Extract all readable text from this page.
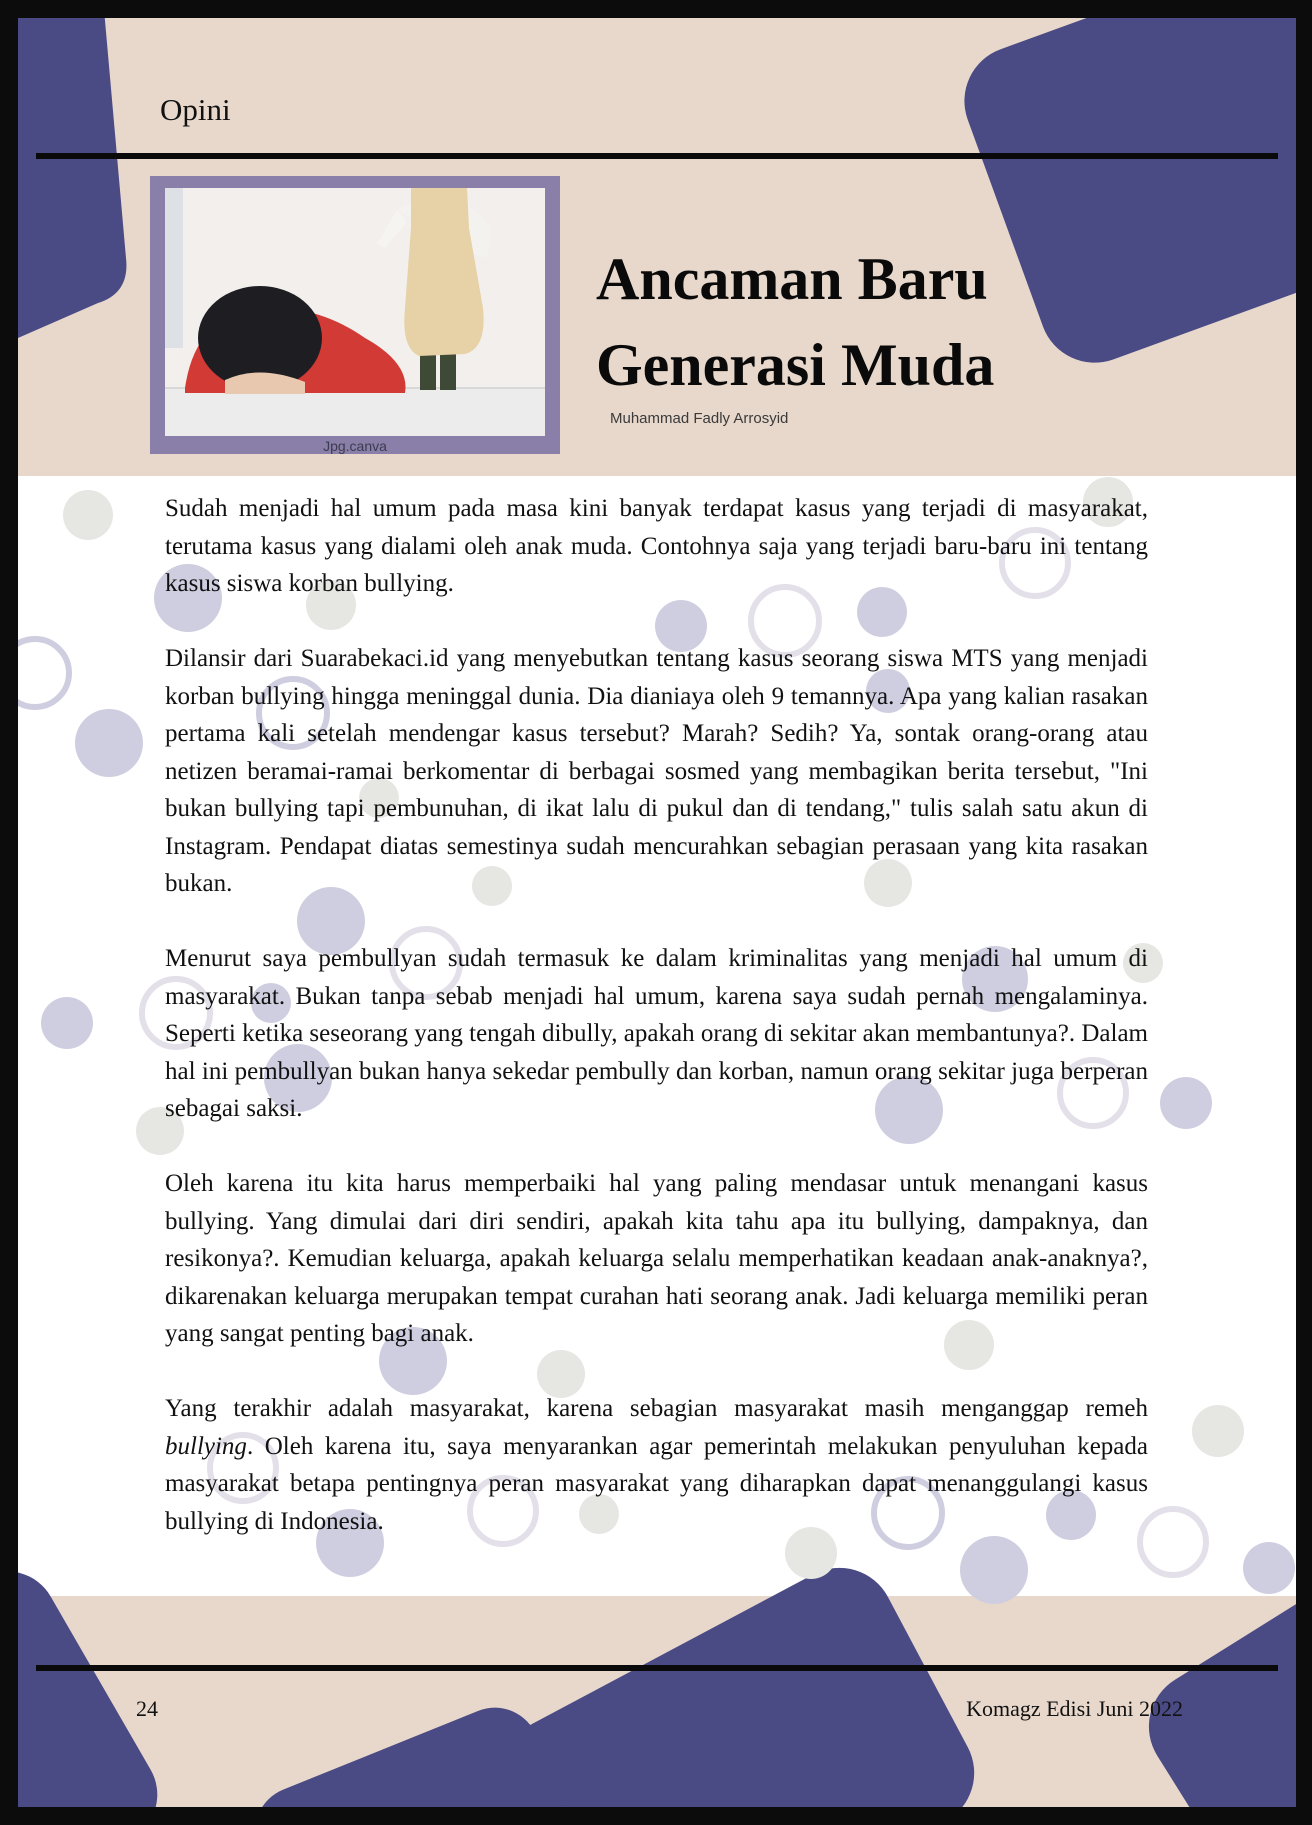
Opini
Jpg.canva
Ancaman Baru
Generasi Muda
Muhammad Fadly Arrosyid

Sudah menjadi hal umum pada masa kini banyak terdapat kasus yang terjadi di masyarakat, terutama kasus yang dialami oleh anak muda. Contohnya saja yang terjadi baru-baru ini tentang kasus siswa korban bullying.

Dilansir dari Suarabekaci.id yang menyebutkan tentang kasus seorang siswa MTS yang menjadi korban bullying hingga meninggal dunia. Dia dianiaya oleh 9 temannya. Apa yang kalian rasakan pertama kali setelah mendengar kasus tersebut? Marah? Sedih? Ya, sontak orang-orang atau netizen beramai-ramai berkomentar di berbagai sosmed yang membagikan berita tersebut, "Ini bukan bullying tapi pembunuhan, di ikat lalu di pukul dan di tendang," tulis salah satu akun di Instagram. Pendapat diatas semestinya sudah mencurahkan sebagian perasaan yang kita rasakan bukan.

Menurut saya pembullyan sudah termasuk ke dalam kriminalitas yang menjadi hal umum di masyarakat. Bukan tanpa sebab menjadi hal umum, karena saya sudah pernah mengalaminya. Seperti ketika seseorang yang tengah dibully, apakah orang di sekitar akan membantunya?. Dalam hal ini pembullyan bukan hanya sekedar pembully dan korban, namun orang sekitar juga berperan sebagai saksi.

Oleh karena itu kita harus memperbaiki hal yang paling mendasar untuk menangani kasus bullying. Yang dimulai dari diri sendiri, apakah kita tahu apa itu bullying, dampaknya, dan resikonya?. Kemudian keluarga, apakah keluarga selalu memperhatikan keadaan anak-anaknya?, dikarenakan keluarga merupakan tempat curahan hati seorang anak. Jadi keluarga memiliki peran yang sangat penting bagi anak.

Yang terakhir adalah masyarakat, karena sebagian masyarakat masih menganggap remeh bullying. Oleh karena itu, saya menyarankan agar pemerintah melakukan penyuluhan kepada masyarakat betapa pentingnya peran masyarakat yang diharapkan dapat menanggulangi kasus bullying di Indonesia.

24	Komagz Edisi Juni 2022
